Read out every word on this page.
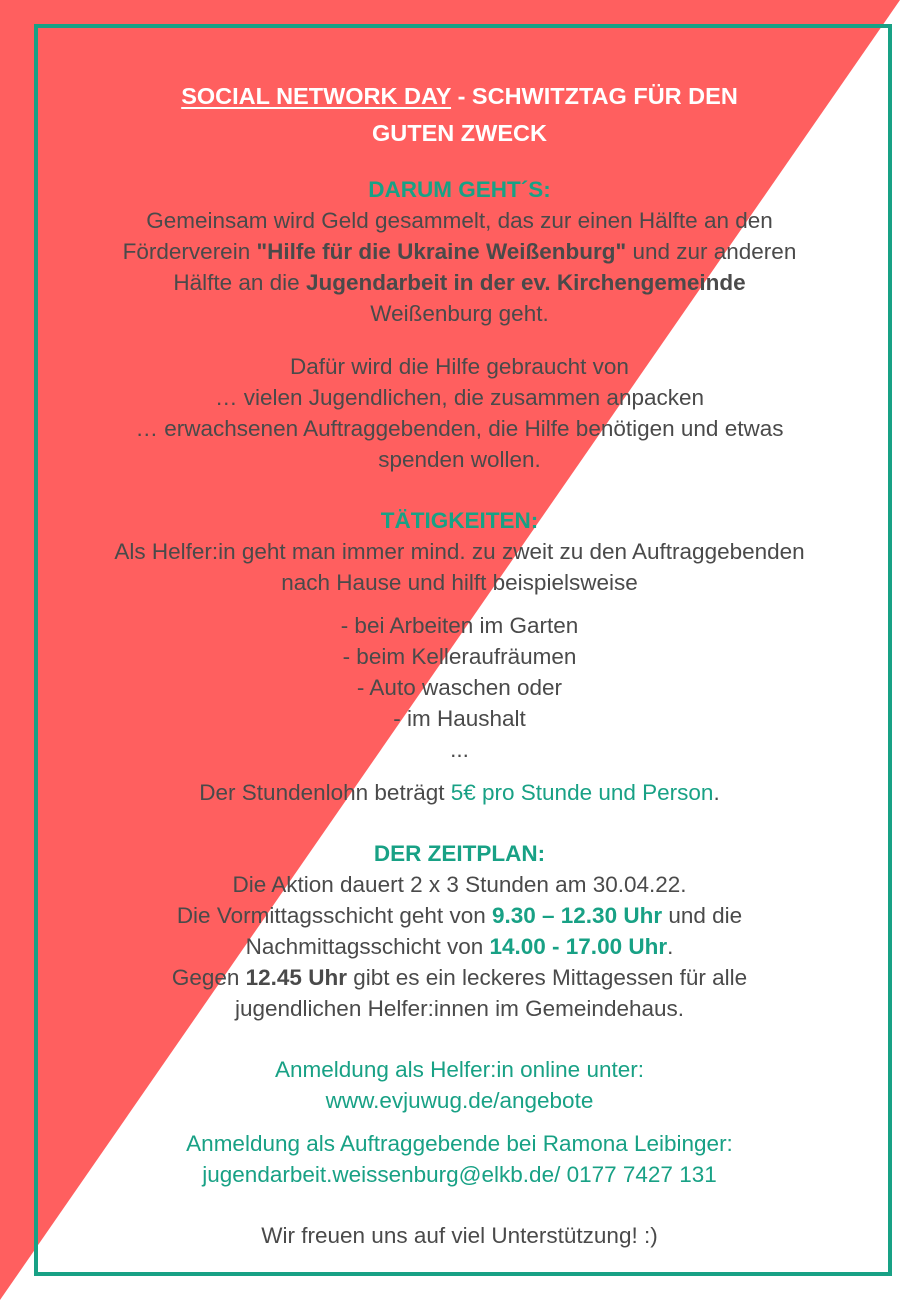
SOCIAL NETWORK DAY - SCHWITZTAG FÜR DEN
GUTEN ZWECK

DARUM GEHT´S:

Gemeinsam wird Geld gesammelt, das zur einen Hälfte an den
Förderverein "Hilfe für die Ukraine Weißenburg" und zur anderen
Hälfte an die Jugendarbeit in der ev. Kirchengemeinde
Weißenburg geht.

Dafür wird die Hilfe gebraucht von
… vielen Jugendlichen, die zusammen anpacken
… erwachsenen Auftraggebenden, die Hilfe benötigen und etwas
spenden wollen.

TÄTIGKEITEN:

Als Helfer:in geht man immer mind. zu zweit zu den Auftraggebenden
nach Hause und hilft beispielsweise

- bei Arbeiten im Garten
- beim Kelleraufräumen
- Auto waschen oder
- im Haushalt
...

Der Stundenlohn beträgt 5€ pro Stunde und Person.

DER ZEITPLAN:

Die Aktion dauert 2 x 3 Stunden am 30.04.22.
Die Vormittagsschicht geht von 9.30 – 12.30 Uhr und die
Nachmittagsschicht von 14.00 - 17.00 Uhr.
Gegen 12.45 Uhr gibt es ein leckeres Mittagessen für alle
jugendlichen Helfer:innen im Gemeindehaus.

Anmeldung als Helfer:in online unter:
www.evjuwug.de/angebote

Anmeldung als Auftraggebende bei Ramona Leibinger:
jugendarbeit.weissenburg@elkb.de/ 0177 7427 131

Wir freuen uns auf viel Unterstützung! :)
